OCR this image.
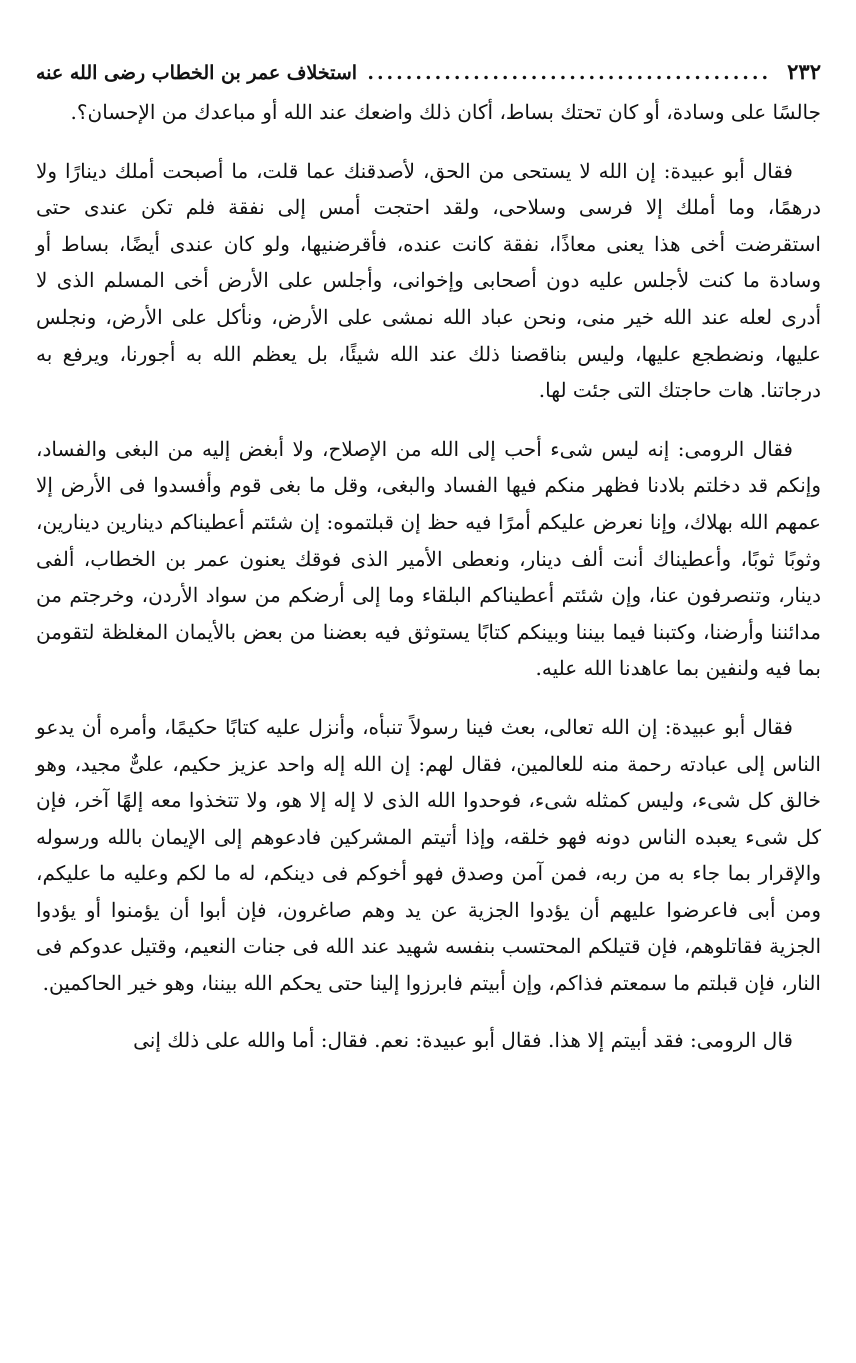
٢٣٢
..........................................
استخلاف عمر بن الخطاب رضى الله عنه

جالسًا على وسادة، أو كان تحتك بساط، أكان ذلك واضعك عند الله أو مباعدك من الإحسان؟.

فقال أبو عبيدة: إن الله لا يستحى من الحق، لأصدقنك عما قلت، ما أصبحت أملك دينارًا ولا درهمًا، وما أملك إلا فرسى وسلاحى، ولقد احتجت أمس إلى نفقة فلم تكن عندى حتى استقرضت أخى هذا يعنى معاذًا، نفقة كانت عنده، فأقرضنيها، ولو كان عندى أيضًا، بساط أو وسادة ما كنت لأجلس عليه دون أصحابى وإخوانى، وأجلس على الأرض أخى المسلم الذى لا أدرى لعله عند الله خير منى، ونحن عباد الله نمشى على الأرض، ونأكل على الأرض، ونجلس عليها، ونضطجع عليها، وليس بناقصنا ذلك عند الله شيئًا، بل يعظم الله به أجورنا، ويرفع به درجاتنا. هات حاجتك التى جئت لها.

فقال الرومى: إنه ليس شىء أحب إلى الله من الإصلاح، ولا أبغض إليه من البغى والفساد، وإنكم قد دخلتم بلادنا فظهر منكم فيها الفساد والبغى، وقل ما بغى قوم وأفسدوا فى الأرض إلا عمهم الله بهلاك، وإنا نعرض عليكم أمرًا فيه حظ إن قبلتموه: إن شئتم أعطيناكم دينارين دينارين، وثوبًا ثوبًا، وأعطيناك أنت ألف دينار، ونعطى الأمير الذى فوقك يعنون عمر بن الخطاب، ألفى دينار، وتنصرفون عنا، وإن شئتم أعطيناكم البلقاء وما إلى أرضكم من سواد الأردن، وخرجتم من مدائننا وأرضنا، وكتبنا فيما بيننا وبينكم كتابًا يستوثق فيه بعضنا من بعض بالأيمان المغلظة لتقومن بما فيه ولنفين بما عاهدنا الله عليه.

فقال أبو عبيدة: إن الله تعالى، بعث فينا رسولاً تنبأه، وأنزل عليه كتابًا حكيمًا، وأمره أن يدعو الناس إلى عبادته رحمة منه للعالمين، فقال لهم: إن الله إله واحد عزيز حكيم، علىٌّ مجيد، وهو خالق كل شىء، وليس كمثله شىء، فوحدوا الله الذى لا إله إلا هو، ولا تتخذوا معه إلهًا آخر، فإن كل شىء يعبده الناس دونه فهو خلقه، وإذا أتيتم المشركين فادعوهم إلى الإيمان بالله ورسوله والإقرار بما جاء به من ربه، فمن آمن وصدق فهو أخوكم فى دينكم، له ما لكم وعليه ما عليكم، ومن أبى فاعرضوا عليهم أن يؤدوا الجزية عن يد وهم صاغرون، فإن أبوا أن يؤمنوا أو يؤدوا الجزية فقاتلوهم، فإن قتيلكم المحتسب بنفسه شهيد عند الله فى جنات النعيم، وقتيل عدوكم فى النار، فإن قبلتم ما سمعتم فذاكم، وإن أبيتم فابرزوا إلينا حتى يحكم الله بيننا، وهو خير الحاكمين.

قال الرومى: فقد أبيتم إلا هذا. فقال أبو عبيدة: نعم. فقال: أما والله على ذلك إنى
